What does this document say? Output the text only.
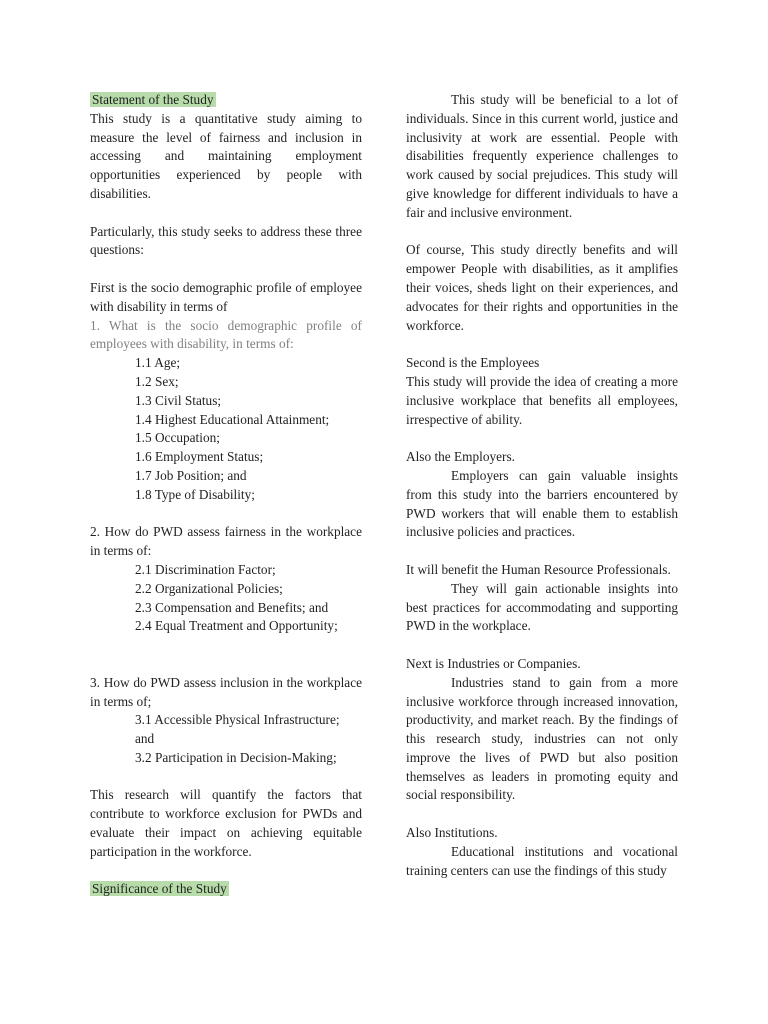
Statement of the Study

This study is a quantitative study aiming to measure the level of fairness and inclusion in accessing and maintaining employment opportunities experienced by people with disabilities.

Particularly, this study seeks to address these three questions:

First is the socio demographic profile of employee with disability in terms of

1. What is the socio demographic profile of employees with disability, in terms of:

1.1 Age;

1.2 Sex;

1.3 Civil Status;

1.4 Highest Educational Attainment;

1.5 Occupation;

1.6 Employment Status;

1.7 Job Position; and

1.8 Type of Disability;

2. How do PWD assess fairness in the workplace in terms of:

2.1 Discrimination Factor;

2.2 Organizational Policies;

2.3 Compensation and Benefits; and

2.4 Equal Treatment and Opportunity;

3. How do PWD assess inclusion in the workplace in terms of;

3.1 Accessible Physical Infrastructure;

and

3.2 Participation in Decision-Making;

This research will quantify the factors that contribute to workforce exclusion for PWDs and evaluate their impact on achieving equitable participation in the workforce.

Significance of the Study

This study will be beneficial to a lot of individuals. Since in this current world, justice and inclusivity at work are essential. People with disabilities frequently experience challenges to work caused by social prejudices. This study will give knowledge for different individuals to have a fair and inclusive environment.

Of course, This study directly benefits and will empower People with disabilities, as it amplifies their voices, sheds light on their experiences, and advocates for their rights and opportunities in the workforce.

Second is the Employees

This study will provide the idea of creating a more inclusive workplace that benefits all employees, irrespective of ability.

Also the Employers.

Employers can gain valuable insights from this study into the barriers encountered by PWD workers that will enable them to establish inclusive policies and practices.

It will benefit the Human Resource Professionals.

They will gain actionable insights into best practices for accommodating and supporting PWD in the workplace.

Next is Industries or Companies.

Industries stand to gain from a more inclusive workforce through increased innovation, productivity, and market reach. By the findings of this research study, industries can not only improve the lives of PWD but also position themselves as leaders in promoting equity and social responsibility.

Also Institutions.

Educational institutions and vocational training centers can use the findings of this study
